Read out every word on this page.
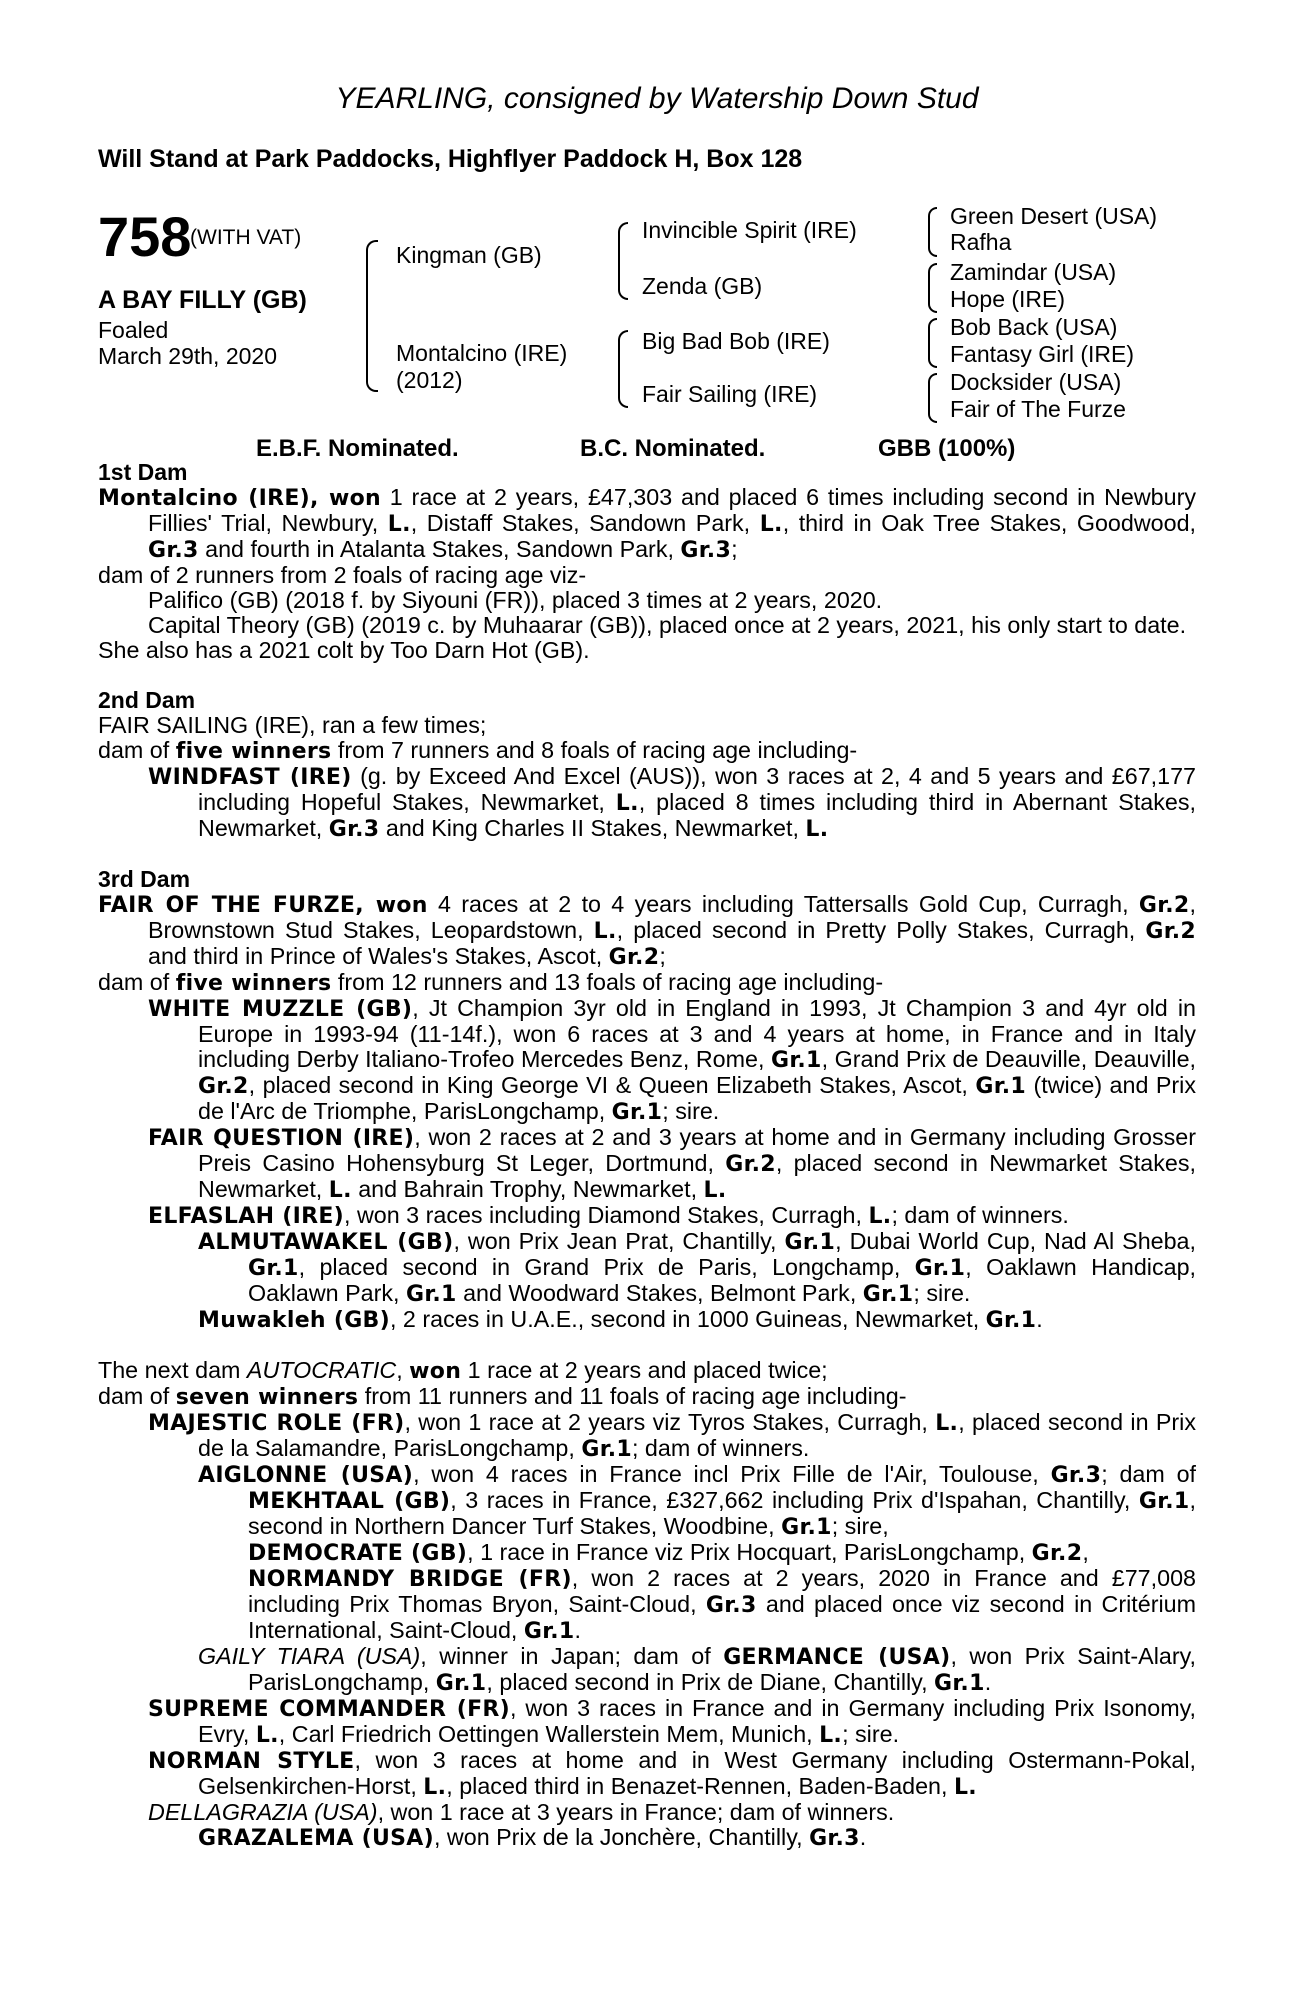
YEARLING, consigned by Watership Down Stud
Will Stand at Park Paddocks, Highflyer Paddock H, Box 128
758
(WITH VAT)
A BAY FILLY (GB)
Foaled
March 29th, 2020
Kingman (GB)
Montalcino (IRE)
(2012)
Invincible Spirit (IRE)
Zenda (GB)
Big Bad Bob (IRE)
Fair Sailing (IRE)
Green Desert (USA)
Rafha
Zamindar (USA)
Hope (IRE)
Bob Back (USA)
Fantasy Girl (IRE)
Docksider (USA)
Fair of The Furze
E.B.F. Nominated.	B.C. Nominated.	GBB (100%)
1st Dam
Montalcino (IRE), won 1 race at 2 years, £47,303 and placed 6 times including second in Newbury Fillies' Trial, Newbury, L., Distaff Stakes, Sandown Park, L., third in Oak Tree Stakes, Goodwood, Gr.3 and fourth in Atalanta Stakes, Sandown Park, Gr.3;
dam of 2 runners from 2 foals of racing age viz-
Palifico (GB) (2018 f. by Siyouni (FR)), placed 3 times at 2 years, 2020.
Capital Theory (GB) (2019 c. by Muhaarar (GB)), placed once at 2 years, 2021, his only start to date.
She also has a 2021 colt by Too Darn Hot (GB).
2nd Dam
FAIR SAILING (IRE), ran a few times;
dam of five winners from 7 runners and 8 foals of racing age including-
WINDFAST (IRE) (g. by Exceed And Excel (AUS)), won 3 races at 2, 4 and 5 years and £67,177 including Hopeful Stakes, Newmarket, L., placed 8 times including third in Abernant Stakes, Newmarket, Gr.3 and King Charles II Stakes, Newmarket, L.
3rd Dam
FAIR OF THE FURZE, won 4 races at 2 to 4 years including Tattersalls Gold Cup, Curragh, Gr.2, Brownstown Stud Stakes, Leopardstown, L., placed second in Pretty Polly Stakes, Curragh, Gr.2 and third in Prince of Wales's Stakes, Ascot, Gr.2;
dam of five winners from 12 runners and 13 foals of racing age including-
WHITE MUZZLE (GB), Jt Champion 3yr old in England in 1993, Jt Champion 3 and 4yr old in Europe in 1993-94 (11-14f.), won 6 races at 3 and 4 years at home, in France and in Italy including Derby Italiano-Trofeo Mercedes Benz, Rome, Gr.1, Grand Prix de Deauville, Deauville, Gr.2, placed second in King George VI & Queen Elizabeth Stakes, Ascot, Gr.1 (twice) and Prix de l'Arc de Triomphe, ParisLongchamp, Gr.1; sire.
FAIR QUESTION (IRE), won 2 races at 2 and 3 years at home and in Germany including Grosser Preis Casino Hohensyburg St Leger, Dortmund, Gr.2, placed second in Newmarket Stakes, Newmarket, L. and Bahrain Trophy, Newmarket, L.
ELFASLAH (IRE), won 3 races including Diamond Stakes, Curragh, L.; dam of winners.
ALMUTAWAKEL (GB), won Prix Jean Prat, Chantilly, Gr.1, Dubai World Cup, Nad Al Sheba, Gr.1, placed second in Grand Prix de Paris, Longchamp, Gr.1, Oaklawn Handicap, Oaklawn Park, Gr.1 and Woodward Stakes, Belmont Park, Gr.1; sire.
Muwakleh (GB), 2 races in U.A.E., second in 1000 Guineas, Newmarket, Gr.1.
The next dam AUTOCRATIC, won 1 race at 2 years and placed twice;
dam of seven winners from 11 runners and 11 foals of racing age including-
MAJESTIC ROLE (FR), won 1 race at 2 years viz Tyros Stakes, Curragh, L., placed second in Prix de la Salamandre, ParisLongchamp, Gr.1; dam of winners.
AIGLONNE (USA), won 4 races in France incl Prix Fille de l'Air, Toulouse, Gr.3; dam of MEKHTAAL (GB), 3 races in France, £327,662 including Prix d'Ispahan, Chantilly, Gr.1, second in Northern Dancer Turf Stakes, Woodbine, Gr.1; sire,
DEMOCRATE (GB), 1 race in France viz Prix Hocquart, ParisLongchamp, Gr.2,
NORMANDY BRIDGE (FR), won 2 races at 2 years, 2020 in France and £77,008 including Prix Thomas Bryon, Saint-Cloud, Gr.3 and placed once viz second in Critérium International, Saint-Cloud, Gr.1.
GAILY TIARA (USA), winner in Japan; dam of GERMANCE (USA), won Prix Saint-Alary, ParisLongchamp, Gr.1, placed second in Prix de Diane, Chantilly, Gr.1.
SUPREME COMMANDER (FR), won 3 races in France and in Germany including Prix Isonomy, Evry, L., Carl Friedrich Oettingen Wallerstein Mem, Munich, L.; sire.
NORMAN STYLE, won 3 races at home and in West Germany including Ostermann-Pokal, Gelsenkirchen-Horst, L., placed third in Benazet-Rennen, Baden-Baden, L.
DELLAGRAZIA (USA), won 1 race at 3 years in France; dam of winners.
GRAZALEMA (USA), won Prix de la Jonchère, Chantilly, Gr.3.
